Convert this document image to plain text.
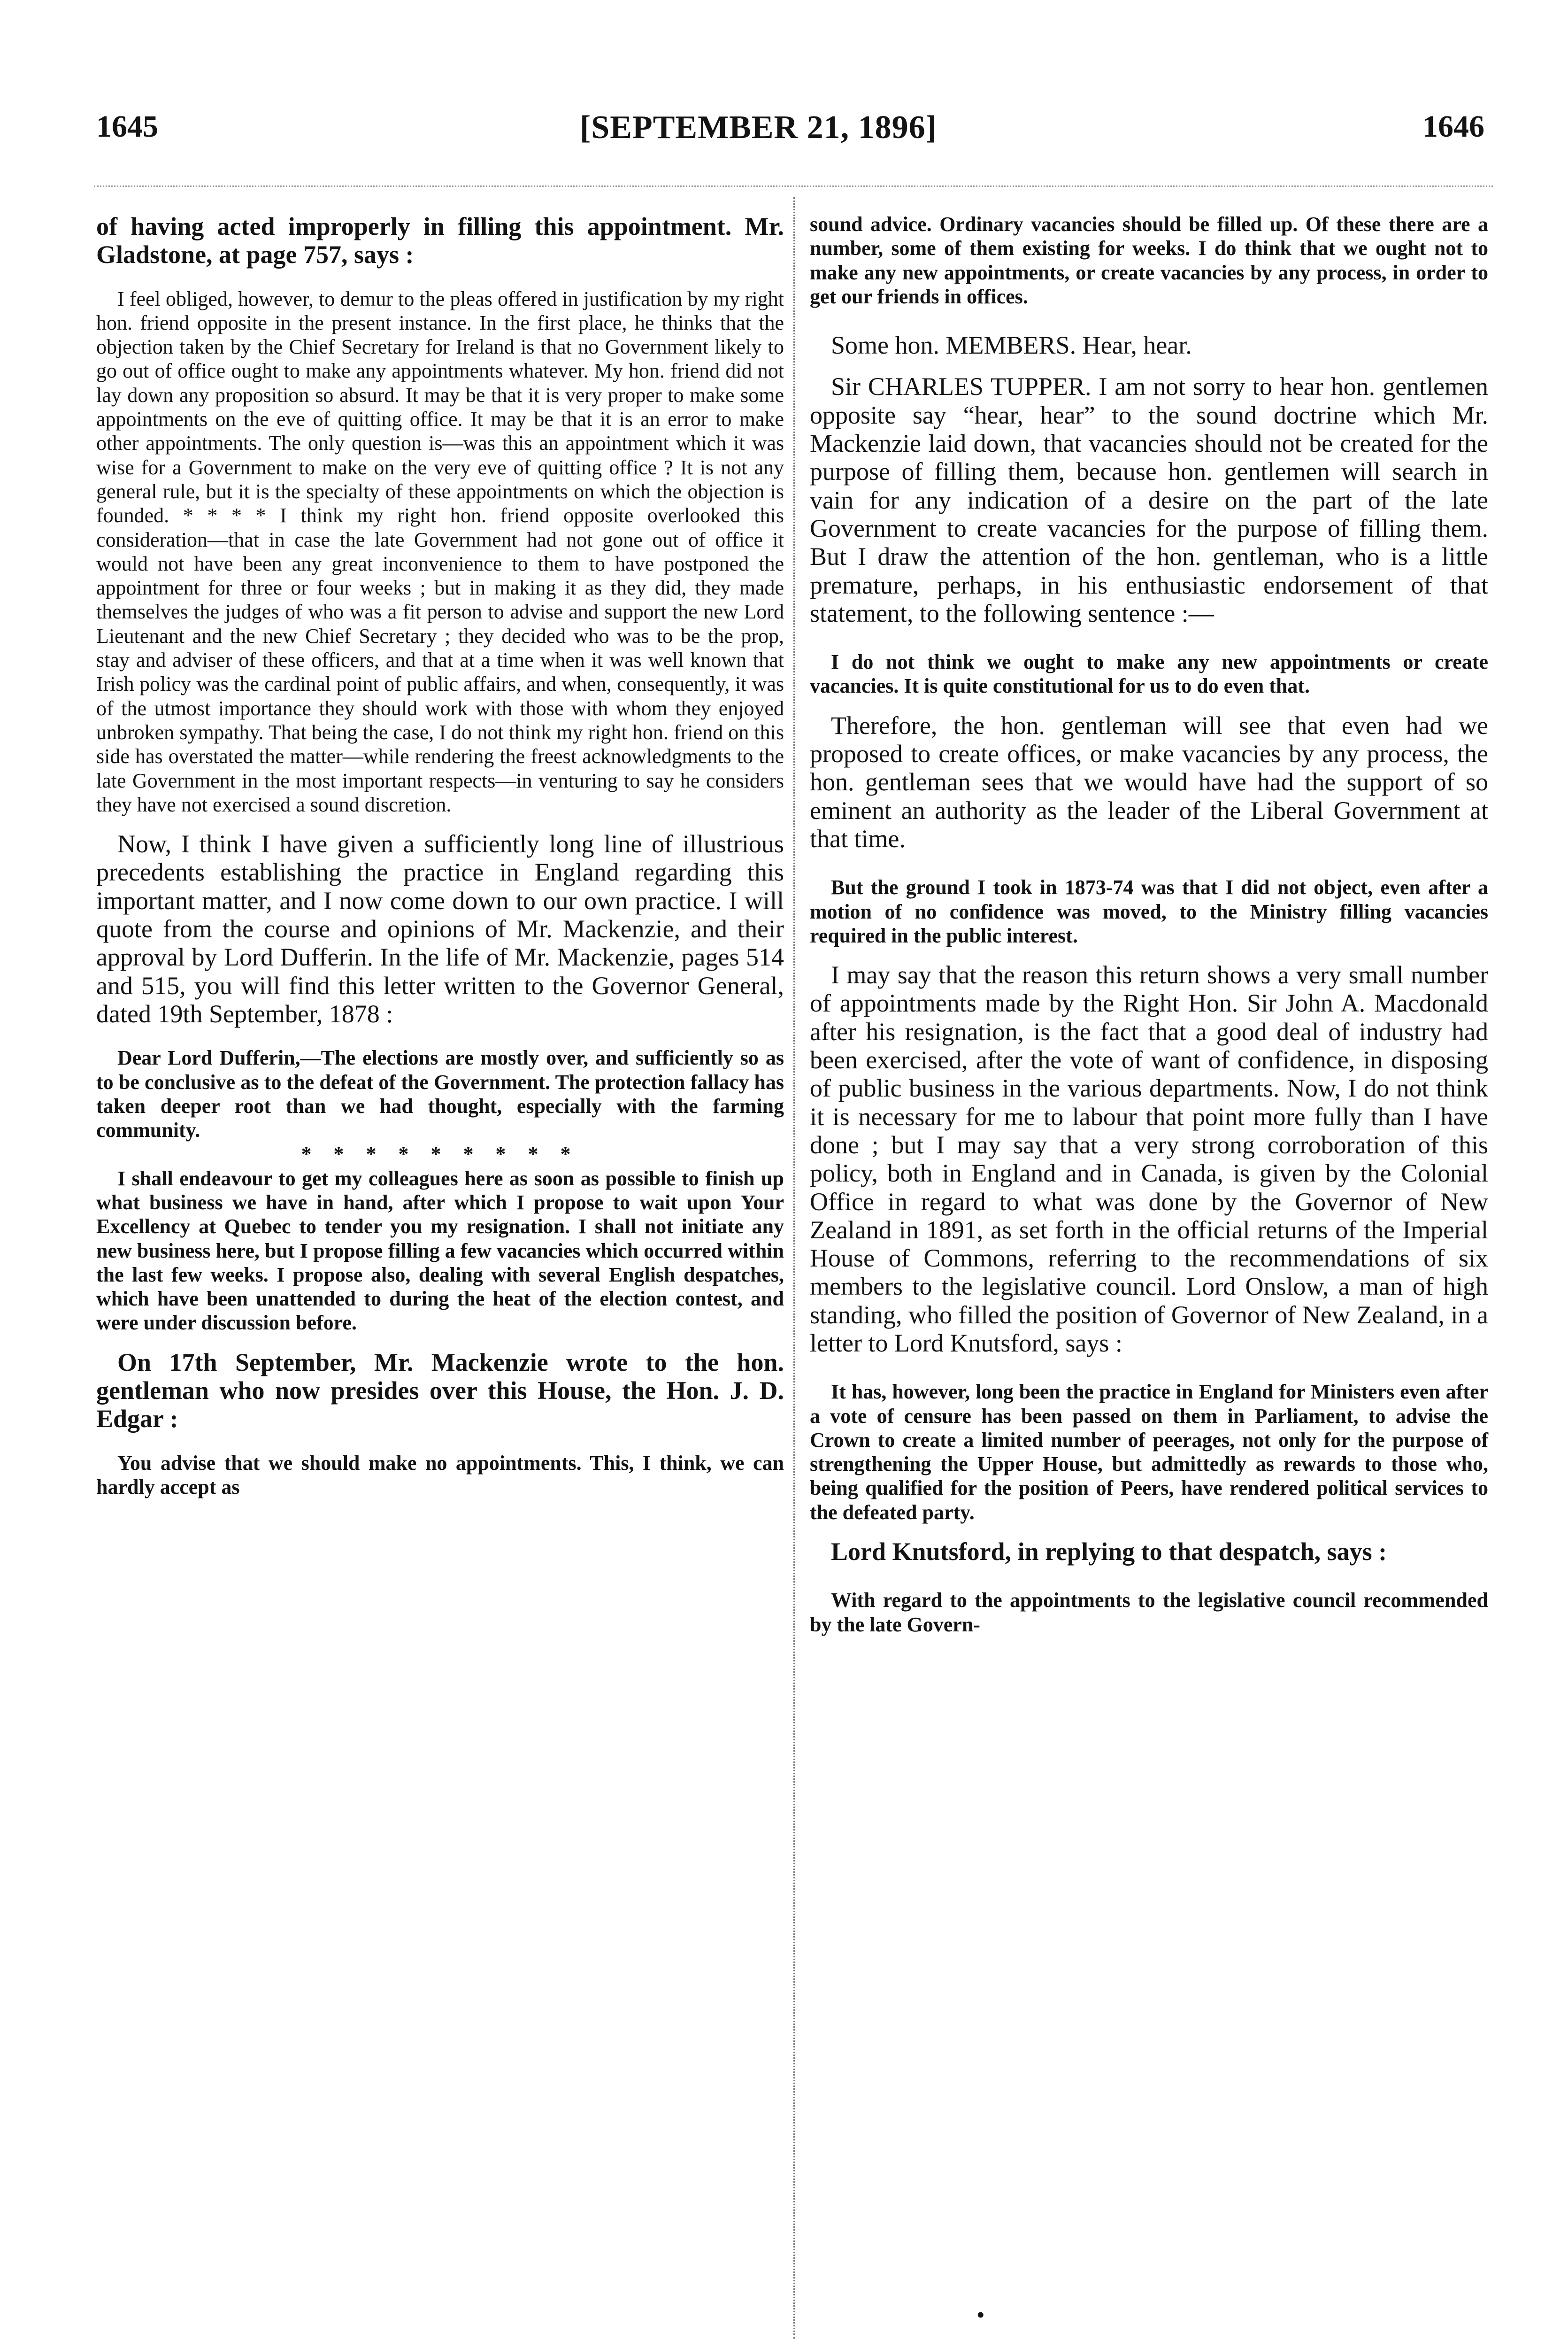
1645	[SEPTEMBER 21, 1896]	1646

of having acted improperly in filling this appointment. Mr. Gladstone, at page 757, says :

I feel obliged, however, to demur to the pleas offered in justification by my right hon. friend opposite in the present instance. In the first place, he thinks that the objection taken by the Chief Secretary for Ireland is that no Government likely to go out of office ought to make any appointments whatever. My hon. friend did not lay down any proposition so absurd. It may be that it is very proper to make some appointments on the eve of quitting office. It may be that it is an error to make other appointments. The only question is—was this an appointment which it was wise for a Government to make on the very eve of quitting office ? It is not any general rule, but it is the specialty of these appointments on which the objection is founded. * * * * I think my right hon. friend opposite overlooked this consideration—that in case the late Government had not gone out of office it would not have been any great inconvenience to them to have postponed the appointment for three or four weeks ; but in making it as they did, they made themselves the judges of who was a fit person to advise and support the new Lord Lieutenant and the new Chief Secretary ; they decided who was to be the prop, stay and adviser of these officers, and that at a time when it was well known that Irish policy was the cardinal point of public affairs, and when, consequently, it was of the utmost importance they should work with those with whom they enjoyed unbroken sympathy. That being the case, I do not think my right hon. friend on this side has overstated the matter—while rendering the freest acknowledgments to the late Government in the most important respects—in venturing to say he considers they have not exercised a sound discretion.

Now, I think I have given a sufficiently long line of illustrious precedents establishing the practice in England regarding this important matter, and I now come down to our own practice. I will quote from the course and opinions of Mr. Mackenzie, and their approval by Lord Dufferin. In the life of Mr. Mackenzie, pages 514 and 515, you will find this letter written to the Governor General, dated 19th September, 1878 :

Dear Lord Dufferin,—The elections are mostly over, and sufficiently so as to be conclusive as to the defeat of the Government. The protection fallacy has taken deeper root than we had thought, especially with the farming community.

* * * * * * * * *

I shall endeavour to get my colleagues here as soon as possible to finish up what business we have in hand, after which I propose to wait upon Your Excellency at Quebec to tender you my resignation. I shall not initiate any new business here, but I propose filling a few vacancies which occurred within the last few weeks. I propose also, dealing with several English despatches, which have been unattended to during the heat of the election contest, and were under discussion before.

On 17th September, Mr. Mackenzie wrote to the hon. gentleman who now presides over this House, the Hon. J. D. Edgar :

You advise that we should make no appointments. This, I think, we can hardly accept as

sound advice. Ordinary vacancies should be filled up. Of these there are a number, some of them existing for weeks. I do think that we ought not to make any new appointments, or create vacancies by any process, in order to get our friends in offices.

Some hon. MEMBERS. Hear, hear.

Sir CHARLES TUPPER. I am not sorry to hear hon. gentlemen opposite say “hear, hear” to the sound doctrine which Mr. Mackenzie laid down, that vacancies should not be created for the purpose of filling them, because hon. gentlemen will search in vain for any indication of a desire on the part of the late Government to create vacancies for the purpose of filling them. But I draw the attention of the hon. gentleman, who is a little premature, perhaps, in his enthusiastic endorsement of that statement, to the following sentence :—

I do not think we ought to make any new appointments or create vacancies. It is quite constitutional for us to do even that.

Therefore, the hon. gentleman will see that even had we proposed to create offices, or make vacancies by any process, the hon. gentleman sees that we would have had the support of so eminent an authority as the leader of the Liberal Government at that time.

But the ground I took in 1873-74 was that I did not object, even after a motion of no confidence was moved, to the Ministry filling vacancies required in the public interest.

I may say that the reason this return shows a very small number of appointments made by the Right Hon. Sir John A. Macdonald after his resignation, is the fact that a good deal of industry had been exercised, after the vote of want of confidence, in disposing of public business in the various departments. Now, I do not think it is necessary for me to labour that point more fully than I have done ; but I may say that a very strong corroboration of this policy, both in England and in Canada, is given by the Colonial Office in regard to what was done by the Governor of New Zealand in 1891, as set forth in the official returns of the Imperial House of Commons, referring to the recommendations of six members to the legislative council. Lord Onslow, a man of high standing, who filled the position of Governor of New Zealand, in a letter to Lord Knutsford, says :

It has, however, long been the practice in England for Ministers even after a vote of censure has been passed on them in Parliament, to advise the Crown to create a limited number of peerages, not only for the purpose of strengthening the Upper House, but admittedly as rewards to those who, being qualified for the position of Peers, have rendered political services to the defeated party.

Lord Knutsford, in replying to that despatch, says :

With regard to the appointments to the legislative council recommended by the late Govern-

•
